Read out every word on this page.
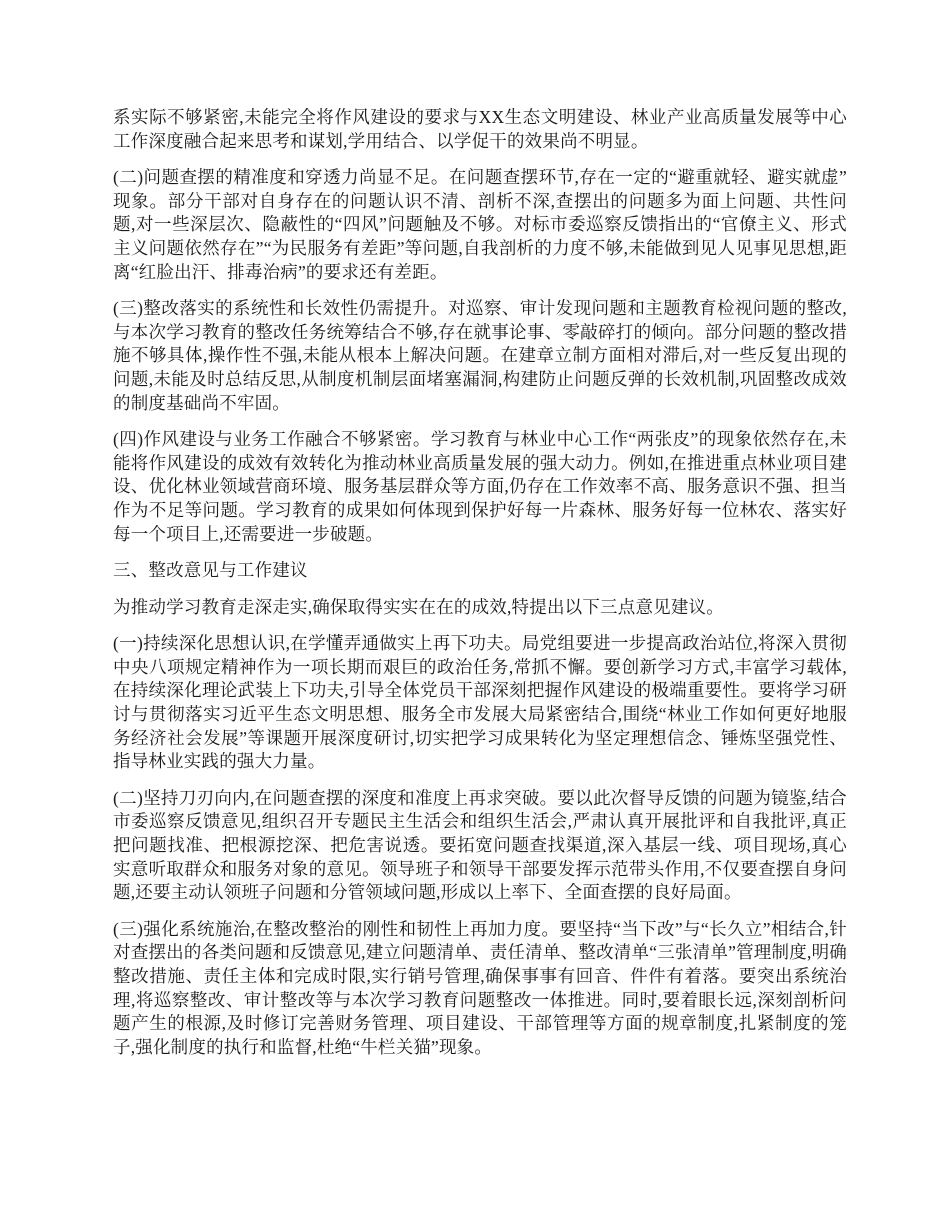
系实际不够紧密,未能完全将作风建设的要求与XX生态文明建设、林业产业高质量发展等中心工作深度融合起来思考和谋划,学用结合、以学促干的效果尚不明显。

(二)问题查摆的精准度和穿透力尚显不足。在问题查摆环节,存在一定的“避重就轻、避实就虚”现象。部分干部对自身存在的问题认识不清、剖析不深,查摆出的问题多为面上问题、共性问题,对一些深层次、隐蔽性的“四风”问题触及不够。对标市委巡察反馈指出的“官僚主义、形式主义问题依然存在”“为民服务有差距”等问题,自我剖析的力度不够,未能做到见人见事见思想,距离“红脸出汗、排毒治病”的要求还有差距。

(三)整改落实的系统性和长效性仍需提升。对巡察、审计发现问题和主题教育检视问题的整改,与本次学习教育的整改任务统筹结合不够,存在就事论事、零敲碎打的倾向。部分问题的整改措施不够具体,操作性不强,未能从根本上解决问题。在建章立制方面相对滞后,对一些反复出现的问题,未能及时总结反思,从制度机制层面堵塞漏洞,构建防止问题反弹的长效机制,巩固整改成效的制度基础尚不牢固。

(四)作风建设与业务工作融合不够紧密。学习教育与林业中心工作“两张皮”的现象依然存在,未能将作风建设的成效有效转化为推动林业高质量发展的强大动力。例如,在推进重点林业项目建设、优化林业领域营商环境、服务基层群众等方面,仍存在工作效率不高、服务意识不强、担当作为不足等问题。学习教育的成果如何体现到保护好每一片森林、服务好每一位林农、落实好每一个项目上,还需要进一步破题。

三、整改意见与工作建议

为推动学习教育走深走实,确保取得实实在在的成效,特提出以下三点意见建议。

(一)持续深化思想认识,在学懂弄通做实上再下功夫。局党组要进一步提高政治站位,将深入贯彻中央八项规定精神作为一项长期而艰巨的政治任务,常抓不懈。要创新学习方式,丰富学习载体,在持续深化理论武装上下功夫,引导全体党员干部深刻把握作风建设的极端重要性。要将学习研讨与贯彻落实习近平生态文明思想、服务全市发展大局紧密结合,围绕“林业工作如何更好地服务经济社会发展”等课题开展深度研讨,切实把学习成果转化为坚定理想信念、锤炼坚强党性、指导林业实践的强大力量。

(二)坚持刀刃向内,在问题查摆的深度和准度上再求突破。要以此次督导反馈的问题为镜鉴,结合市委巡察反馈意见,组织召开专题民主生活会和组织生活会,严肃认真开展批评和自我批评,真正把问题找准、把根源挖深、把危害说透。要拓宽问题查找渠道,深入基层一线、项目现场,真心实意听取群众和服务对象的意见。领导班子和领导干部要发挥示范带头作用,不仅要查摆自身问题,还要主动认领班子问题和分管领域问题,形成以上率下、全面查摆的良好局面。

(三)强化系统施治,在整改整治的刚性和韧性上再加力度。要坚持“当下改”与“长久立”相结合,针对查摆出的各类问题和反馈意见,建立问题清单、责任清单、整改清单“三张清单”管理制度,明确整改措施、责任主体和完成时限,实行销号管理,确保事事有回音、件件有着落。要突出系统治理,将巡察整改、审计整改等与本次学习教育问题整改一体推进。同时,要着眼长远,深刻剖析问题产生的根源,及时修订完善财务管理、项目建设、干部管理等方面的规章制度,扎紧制度的笼子,强化制度的执行和监督,杜绝“牛栏关猫”现象。
